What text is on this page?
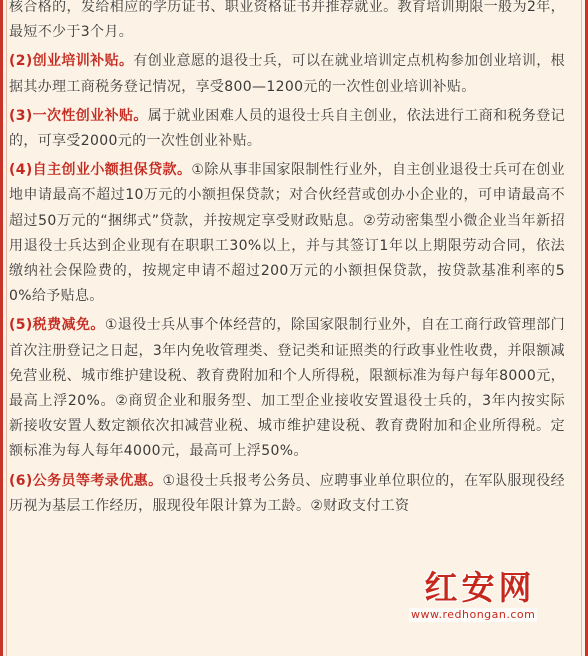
核合格的，发给相应的学历证书、职业资格证书并推荐就业。教育培训期限一般为2年，最短不少于3个月。

(2)创业培训补贴。有创业意愿的退役士兵，可以在就业培训定点机构参加创业培训，根据其办理工商税务登记情况，享受800—1200元的一次性创业培训补贴。

(3)一次性创业补贴。属于就业困难人员的退役士兵自主创业，依法进行工商和税务登记的，可享受2000元的一次性创业补贴。

(4)自主创业小额担保贷款。①除从事非国家限制性行业外，自主创业退役士兵可在创业地申请最高不超过10万元的小额担保贷款；对合伙经营或创办小企业的，可申请最高不超过50万元的“捆绑式”贷款，并按规定享受财政贴息。②劳动密集型小微企业当年新招用退役士兵达到企业现有在职职工30%以上，并与其签订1年以上期限劳动合同，依法缴纳社会保险费的，按规定申请不超过200万元的小额担保贷款，按贷款基准利率的50%给予贴息。

(5)税费减免。①退役士兵从事个体经营的，除国家限制行业外，自在工商行政管理部门首次注册登记之日起，3年内免收管理类、登记类和证照类的行政事业性收费，并限额减免营业税、城市维护建设税、教育费附加和个人所得税，限额标准为每户每年8000元，最高上浮20%。②商贸企业和服务型、加工型企业接收安置退役士兵的，3年内按实际新接收安置人数定额依次扣减营业税、城市维护建设税、教育费附加和企业所得税。定额标准为每人每年4000元，最高可上浮50%。

(6)公务员等考录优惠。①退役士兵报考公务员、应聘事业单位职位的，在军队服现役经历视为基层工作经历，服现役年限计算为工龄。②财政支付工资

红安网
www.redhongan.com
